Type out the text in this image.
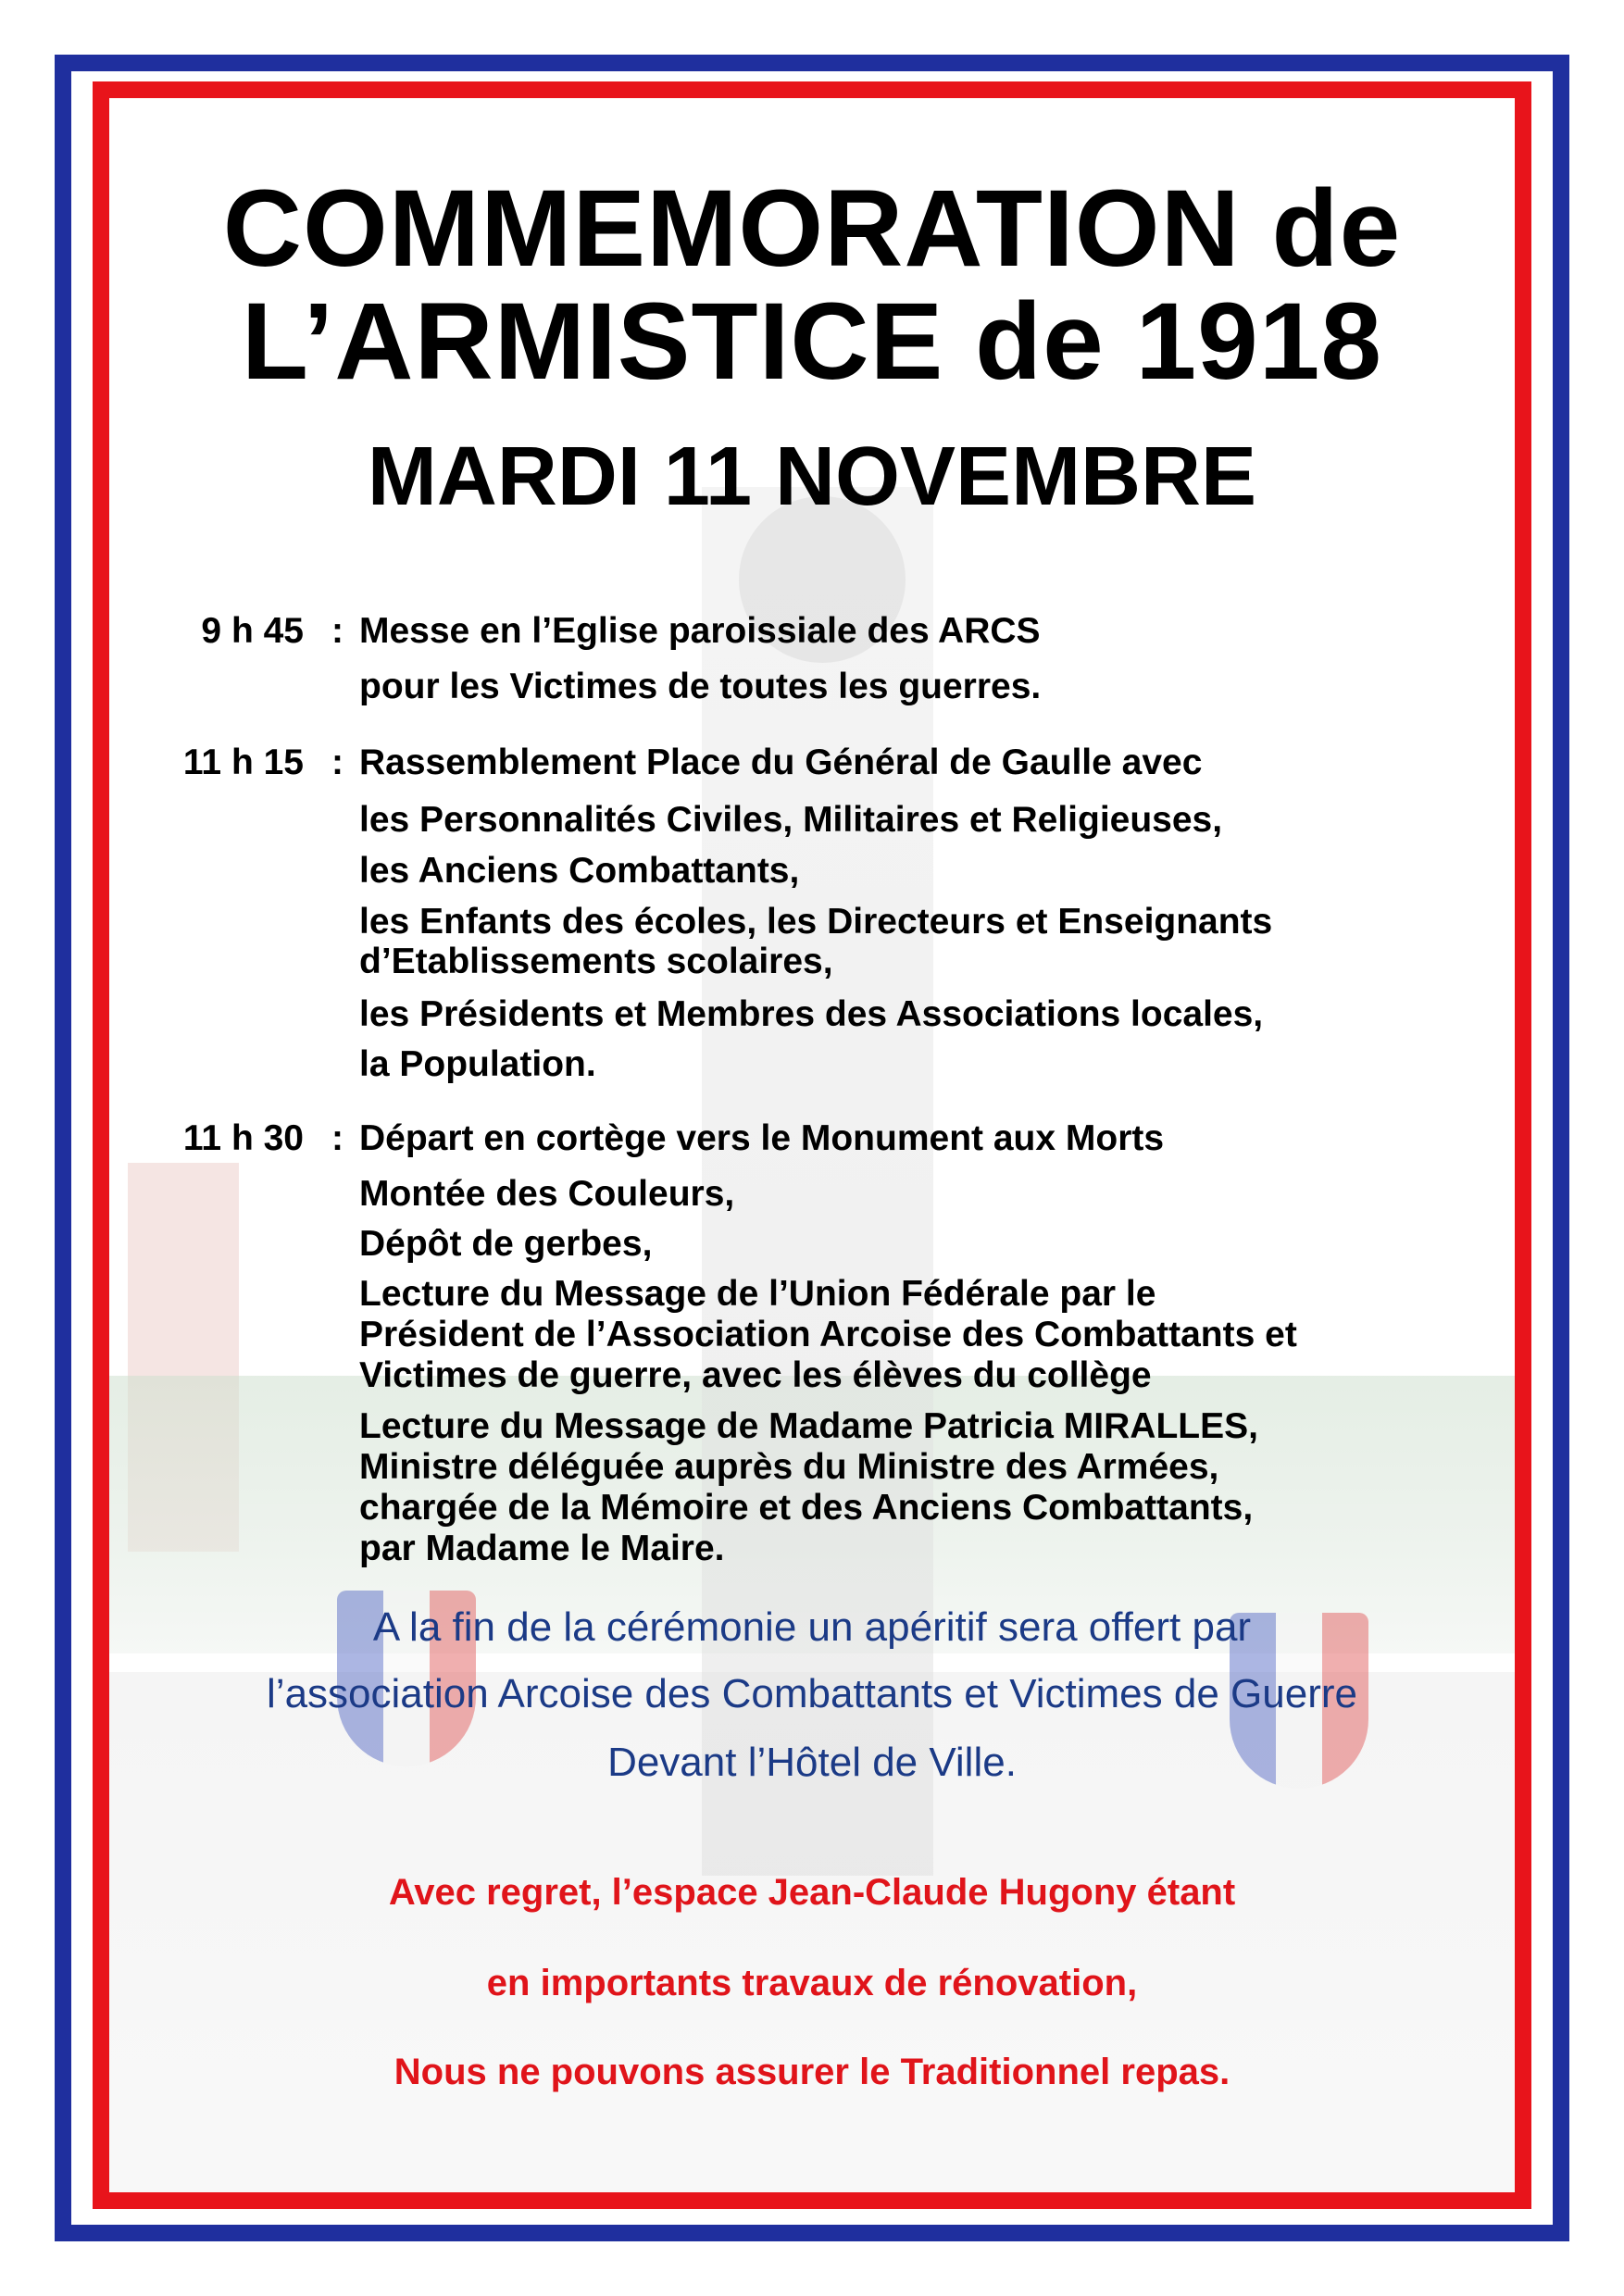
COMMEMORATION de
L’ARMISTICE de 1918
MARDI 11 NOVEMBRE
9 h 45 : Messe en l’Eglise paroissiale des ARCS
pour les Victimes de toutes les guerres.
11 h 15 : Rassemblement Place du Général de Gaulle avec
les Personnalités Civiles, Militaires et Religieuses,
les Anciens Combattants,
les Enfants des écoles, les Directeurs et Enseignants
d’Etablissements scolaires,
les Présidents et Membres des Associations locales,
la Population.
11 h 30 : Départ en cortège vers le Monument aux Morts
Montée des Couleurs,
Dépôt de gerbes,
Lecture du Message de l’Union Fédérale par le
Président de l’Association Arcoise des Combattants et
Victimes de guerre, avec les élèves du collège
Lecture du Message de Madame Patricia MIRALLES,
Ministre déléguée auprès du Ministre des Armées,
chargée de la Mémoire et des Anciens Combattants,
par Madame le Maire.
A la fin de la cérémonie un apéritif sera offert par
l’association Arcoise des Combattants et Victimes de Guerre
Devant l’Hôtel de Ville.
Avec regret, l’espace Jean-Claude Hugony étant
en importants travaux de rénovation,
Nous ne pouvons assurer le Traditionnel repas.
